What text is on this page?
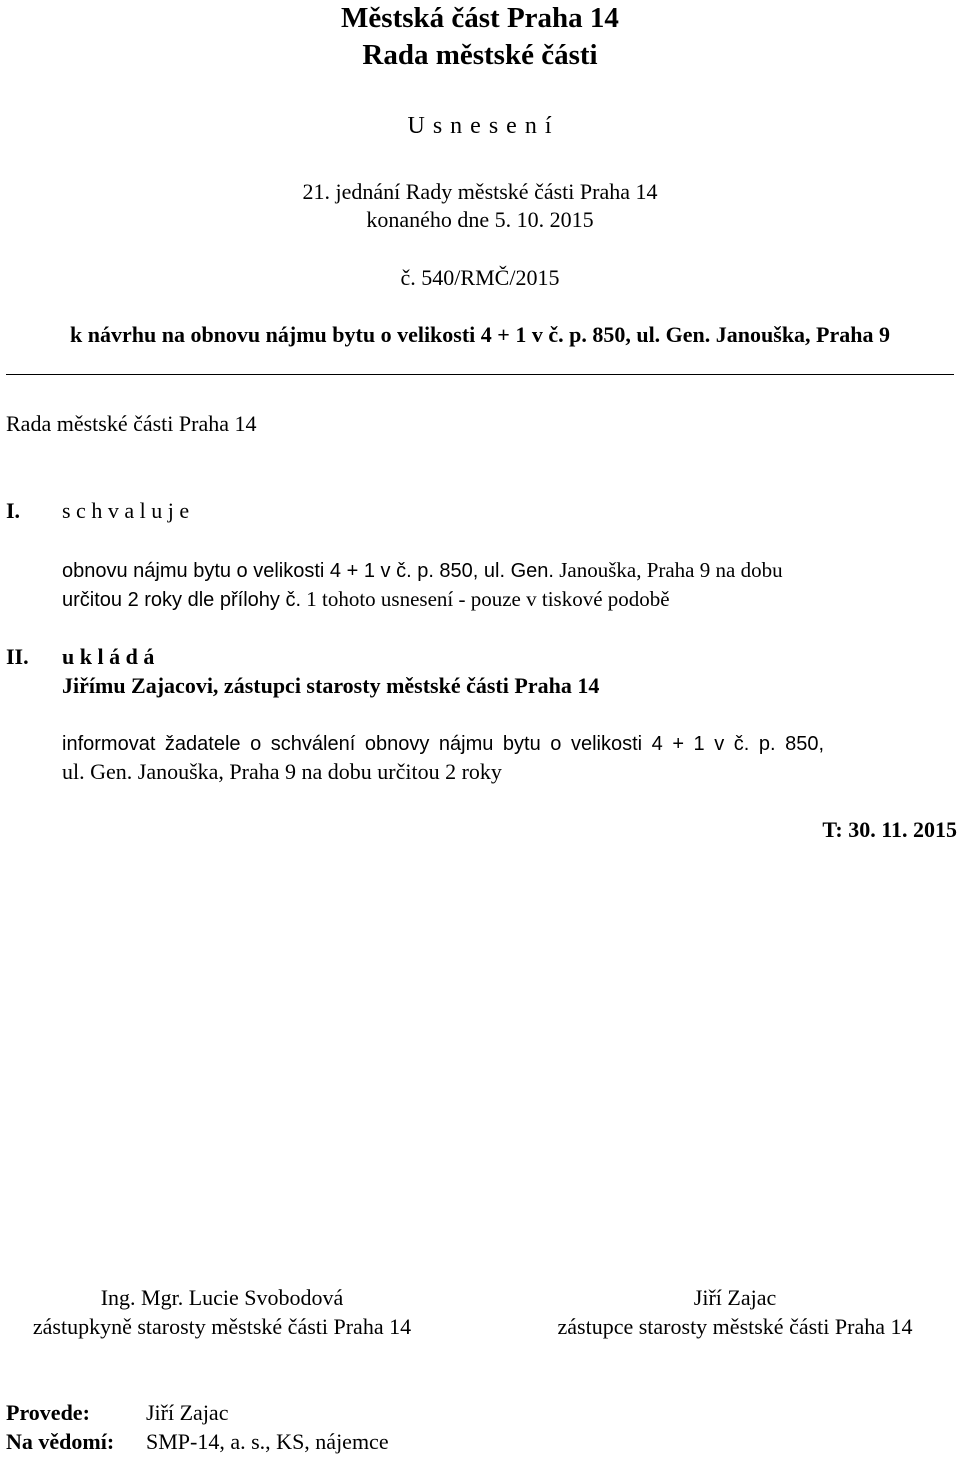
Městská část Praha 14
Rada městské části
U s n e s e n í
21. jednání Rady městské části Praha 14
konaného dne 5. 10. 2015
č. 540/RMČ/2015
k návrhu na obnovu nájmu bytu o velikosti 4 + 1 v č. p. 850, ul. Gen. Janouška, Praha 9
Rada městské části Praha 14
I. s c h v a l u j e
obnovu nájmu bytu o velikosti 4 + 1 v č. p. 850, ul. Gen. Janouška, Praha 9 na dobu
určitou 2 roky dle přílohy č. 1 tohoto usnesení - pouze v tiskové podobě
II. u k l á d á
Jiřímu Zajacovi, zástupci starosty městské části Praha 14
informovat žadatele o schválení obnovy nájmu bytu o velikosti 4 + 1 v č. p. 850,
ul. Gen. Janouška, Praha 9 na dobu určitou 2 roky
T: 30. 11. 2015
Ing. Mgr. Lucie Svobodová
zástupkyně starosty městské části Praha 14
Jiří Zajac
zástupce starosty městské části Praha 14
Provede:	Jiří Zajac
Na vědomí: SMP-14, a. s., KS, nájemce
